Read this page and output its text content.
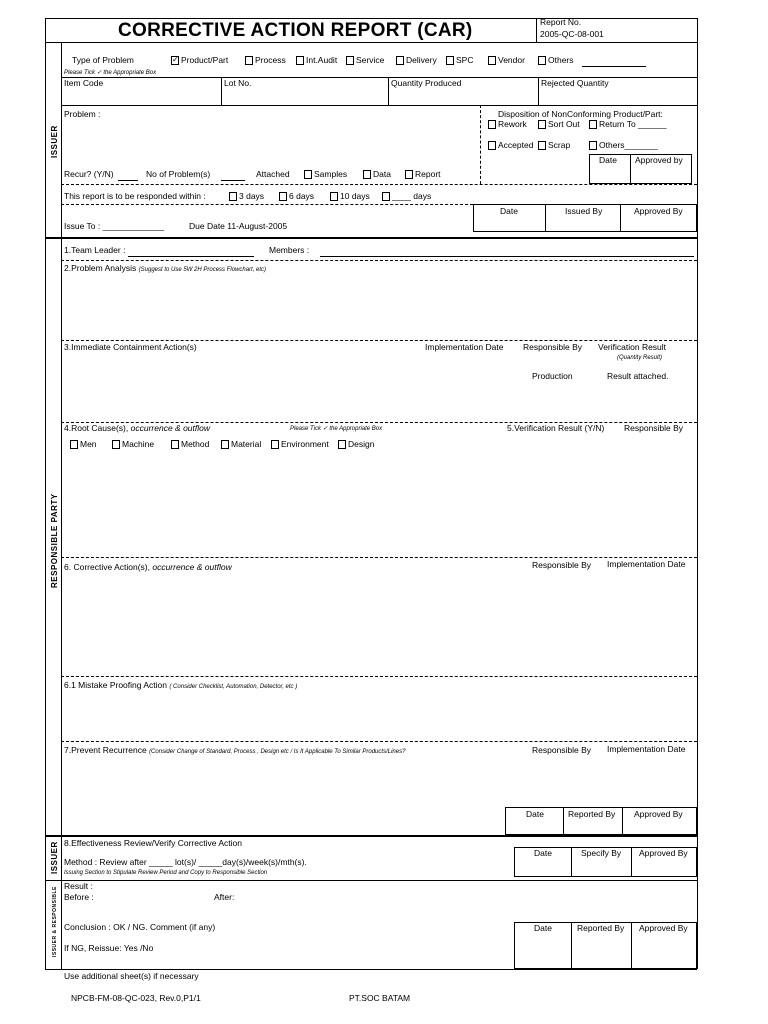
CORRECTIVE ACTION REPORT (CAR)	Report No.
2005-QC-08-001
ISSUER
Type of Problem
✓	Product/Part	Process Int.Audit Service	Delivery SPC	Vendor	Others
Please Tick ✓ the Appropriate Box
Item Code	Lot No.	Quantity Produced	Rejected Quantity
Problem :	Disposition of NonConforming Product/Part:
Rework Sort Out Return To ______
Accepted Scrap	Others_______
Date Approved by
Recur? (Y/N)	No of Problem(s)	Attached	Samples	Data	Report
This report is to be responded within :	3 days	6 days	10 days	____ days
Date	Issued By	Approved By
Issue To : _____________	Due Date 11-August-2005
RESPONSIBLE PARTY
1.Team Leader :	Members :
2.Problem Analysis (Suggest to Use 5W 2H Process Flowchart, etc)
3.Immediate Containment Action(s)	Implementation Date Responsible By Verification Result
(Quantity Result)
Production	Result attached.
4.Root Cause(s), occurrence & outflow	Please Tick ✓ the Appropriate Box	5.Verification Result (Y/N) Responsible By
Men	Machine	Method	Material Environment Design
6. Corrective Action(s), occurrence & outflow	Responsible By Implementation Date
6.1 Mistake Proofing Action ( Consider Checklist, Automation, Detector, etc )
7.Prevent Recurrence (Consider Change of Standard, Process , Design etc / Is It Applicable To Similar Products/Lines?	Responsible By Implementation Date
Date	Reported By Approved By
ISSUER 8.Effectiveness Review/Verify Corrective Action
Method : Review after _____ lot(s)/ _____day(s)/week(s)/mth(s).
Issuing Section to Stipulate Review Period and Copy to Responsible Section
Date	Specify By Approved By
ISSUER & RESPONSIBLE
Result :
Before :	After:
Conclusion : OK / NG. Comment (if any)
If NG, Reissue: Yes /No
Date	Reported By Approved By
Use additional sheet(s) if necessary
NPCB-FM-08-QC-023, Rev.0,P1/1	PT.SOC BATAM
